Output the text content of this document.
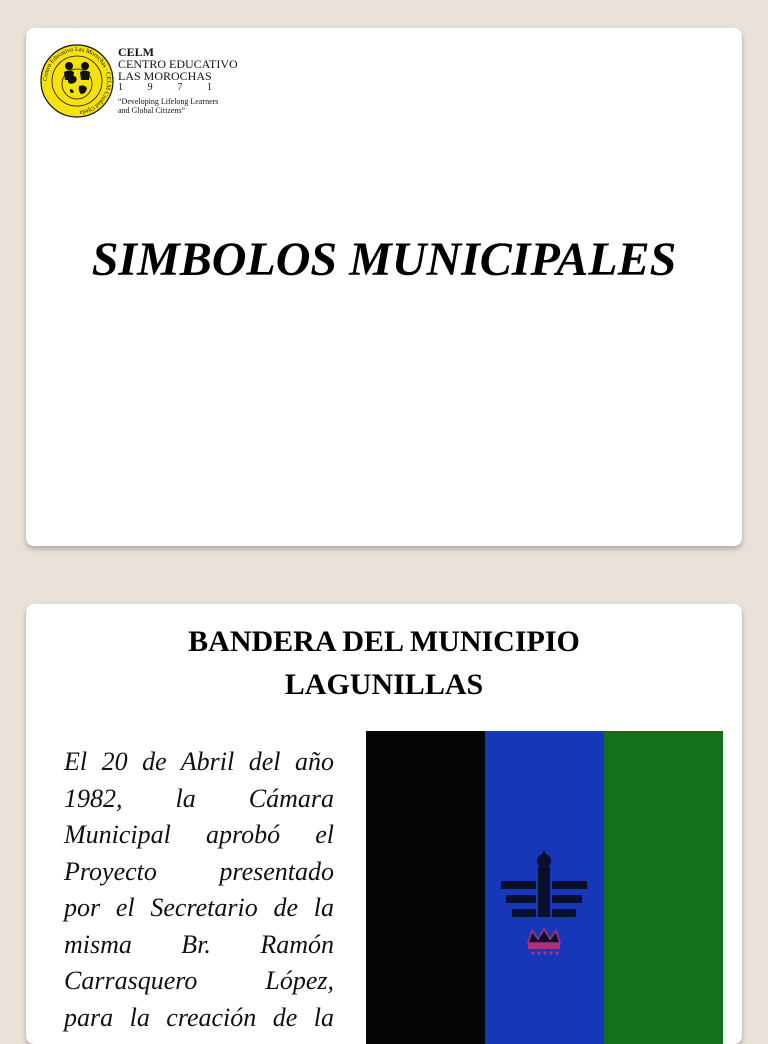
Centro Educativo Las Morochas · CELM Ciudad Ojeda
CELM
CENTRO EDUCATIVO
LAS MOROCHAS
1 9 7 1
“Developing Lifelong Learners
and Global Citizens”
SIMBOLOS MUNICIPALES
BANDERA DEL MUNICIPIO
LAGUNILLAS

El 20 de Abril del año
1982, la Cámara
Municipal aprobó el
Proyecto presentado
por el Secretario de la
misma Br. Ramón
Carrasquero López,
para la creación de la
